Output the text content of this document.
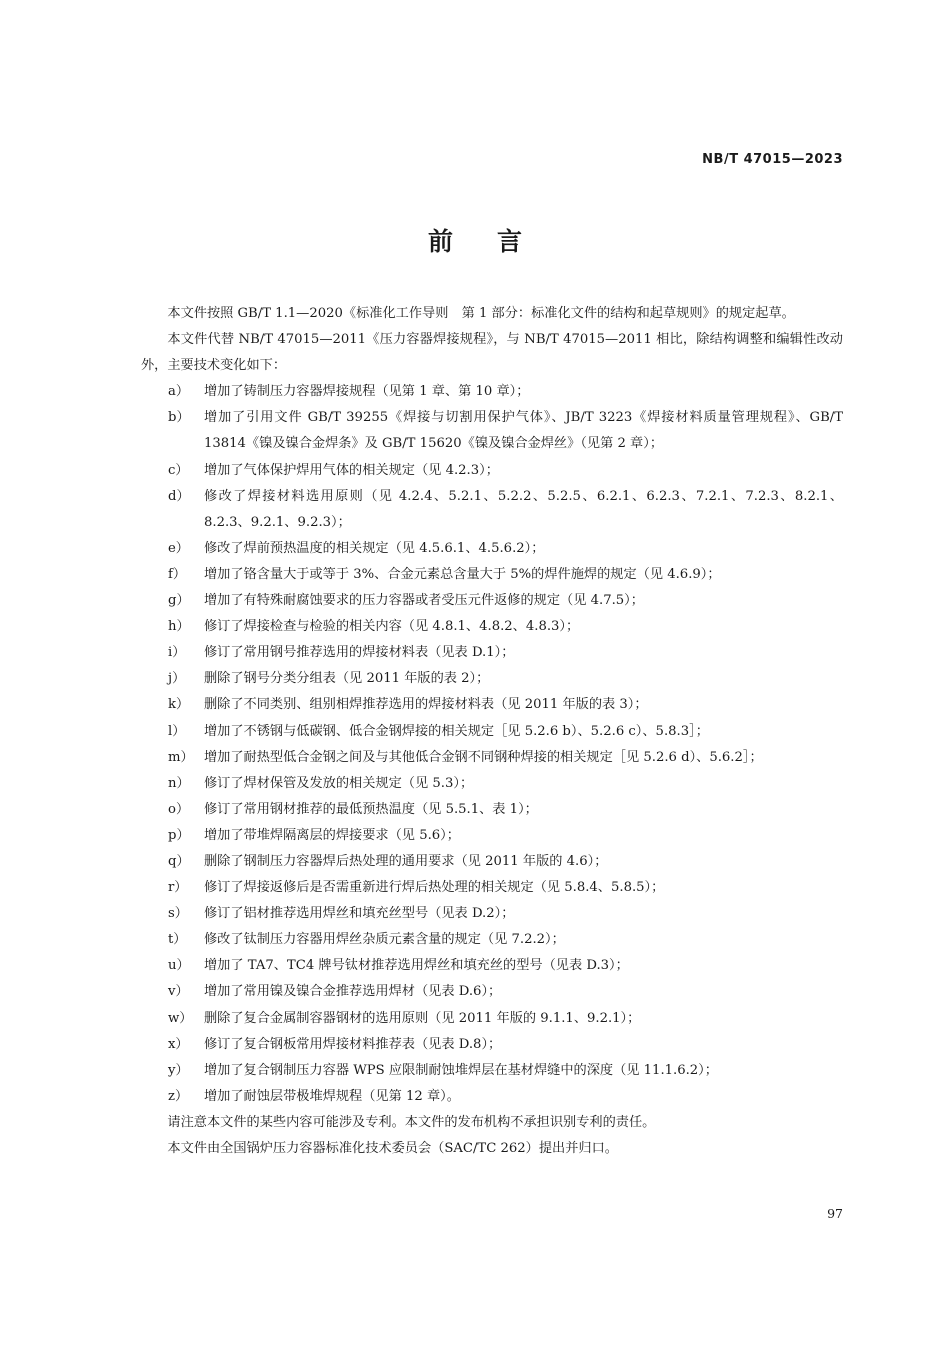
NB/T 47015—2023
前言

本文件按照 GB/T 1.1—2020《标准化工作导则　第 1 部分：标准化文件的结构和起草规则》的规定起草。

本文件代替 NB/T 47015—2011《压力容器焊接规程》，与 NB/T 47015—2011 相比，除结构调整和编辑性改动外，主要技术变化如下：

a）	增加了铸制压力容器焊接规程（见第 1 章、第 10 章）；
b）	增加了引用文件 GB/T 39255《焊接与切割用保护气体》、JB/T 3223《焊接材料质量管理规程》、GB/T 13814《镍及镍合金焊条》及 GB/T 15620《镍及镍合金焊丝》（见第 2 章）；
c）	增加了气体保护焊用气体的相关规定（见 4.2.3）；
d）	修改了焊接材料选用原则（见 4.2.4、5.2.1、5.2.2、5.2.5、6.2.1、6.2.3、7.2.1、7.2.3、8.2.1、8.2.3、9.2.1、9.2.3）；
e）	修改了焊前预热温度的相关规定（见 4.5.6.1、4.5.6.2）；
f）	增加了铬含量大于或等于 3%、合金元素总含量大于 5%的焊件施焊的规定（见 4.6.9）；
g）	增加了有特殊耐腐蚀要求的压力容器或者受压元件返修的规定（见 4.7.5）；
h）	修订了焊接检查与检验的相关内容（见 4.8.1、4.8.2、4.8.3）；
i）	修订了常用钢号推荐选用的焊接材料表（见表 D.1）；
j）	删除了钢号分类分组表（见 2011 年版的表 2）；
k）	删除了不同类别、组别相焊推荐选用的焊接材料表（见 2011 年版的表 3）；
l）	增加了不锈钢与低碳钢、低合金钢焊接的相关规定［见 5.2.6 b）、5.2.6 c）、5.8.3］；
m） 增加了耐热型低合金钢之间及与其他低合金钢不同钢种焊接的相关规定［见 5.2.6 d）、5.6.2］；
n）	修订了焊材保管及发放的相关规定（见 5.3）；
o）	修订了常用钢材推荐的最低预热温度（见 5.5.1、表 1）；
p）	增加了带堆焊隔离层的焊接要求（见 5.6）；
q）	删除了钢制压力容器焊后热处理的通用要求（见 2011 年版的 4.6）；
r）	修订了焊接返修后是否需重新进行焊后热处理的相关规定（见 5.8.4、5.8.5）；
s）	修订了铝材推荐选用焊丝和填充丝型号（见表 D.2）；
t）	修改了钛制压力容器用焊丝杂质元素含量的规定（见 7.2.2）；
u）	增加了 TA7、TC4 牌号钛材推荐选用焊丝和填充丝的型号（见表 D.3）；
v）	增加了常用镍及镍合金推荐选用焊材（见表 D.6）；
w） 删除了复合金属制容器钢材的选用原则（见 2011 年版的 9.1.1、9.2.1）；
x）	修订了复合钢板常用焊接材料推荐表（见表 D.8）；
y）	增加了复合钢制压力容器 WPS 应限制耐蚀堆焊层在基材焊缝中的深度（见 11.1.6.2）；
z）	增加了耐蚀层带极堆焊规程（见第 12 章）。

请注意本文件的某些内容可能涉及专利。本文件的发布机构不承担识别专利的责任。

本文件由全国锅炉压力容器标准化技术委员会（SAC/TC 262）提出并归口。

97
